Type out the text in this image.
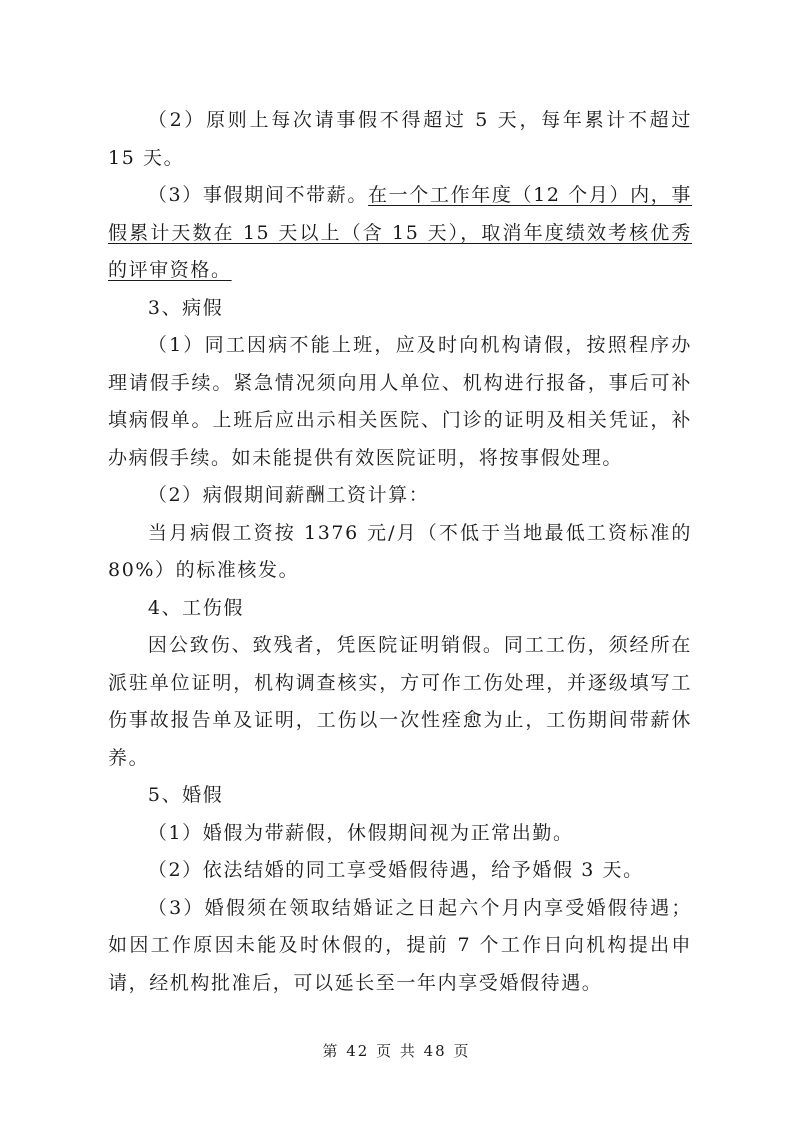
（2）原则上每次请事假不得超过 5 天，每年累计不超过 15 天。

（3）事假期间不带薪。在一个工作年度（12 个月）内，事假累计天数在 15 天以上（含 15 天），取消年度绩效考核优秀的评审资格。

3、病假

（1）同工因病不能上班，应及时向机构请假，按照程序办理请假手续。紧急情况须向用人单位、机构进行报备，事后可补填病假单。上班后应出示相关医院、门诊的证明及相关凭证，补办病假手续。如未能提供有效医院证明，将按事假处理。

（2）病假期间薪酬工资计算：

当月病假工资按 1376 元/月（不低于当地最低工资标准的 80%）的标准核发。

4、工伤假

因公致伤、致残者，凭医院证明销假。同工工伤，须经所在派驻单位证明，机构调查核实，方可作工伤处理，并逐级填写工伤事故报告单及证明，工伤以一次性痊愈为止，工伤期间带薪休养。

5、婚假

（1）婚假为带薪假，休假期间视为正常出勤。

（2）依法结婚的同工享受婚假待遇，给予婚假 3 天。

（3）婚假须在领取结婚证之日起六个月内享受婚假待遇；如因工作原因未能及时休假的，提前 7 个工作日向机构提出申请，经机构批准后，可以延长至一年内享受婚假待遇。

第 42 页 共 48 页
